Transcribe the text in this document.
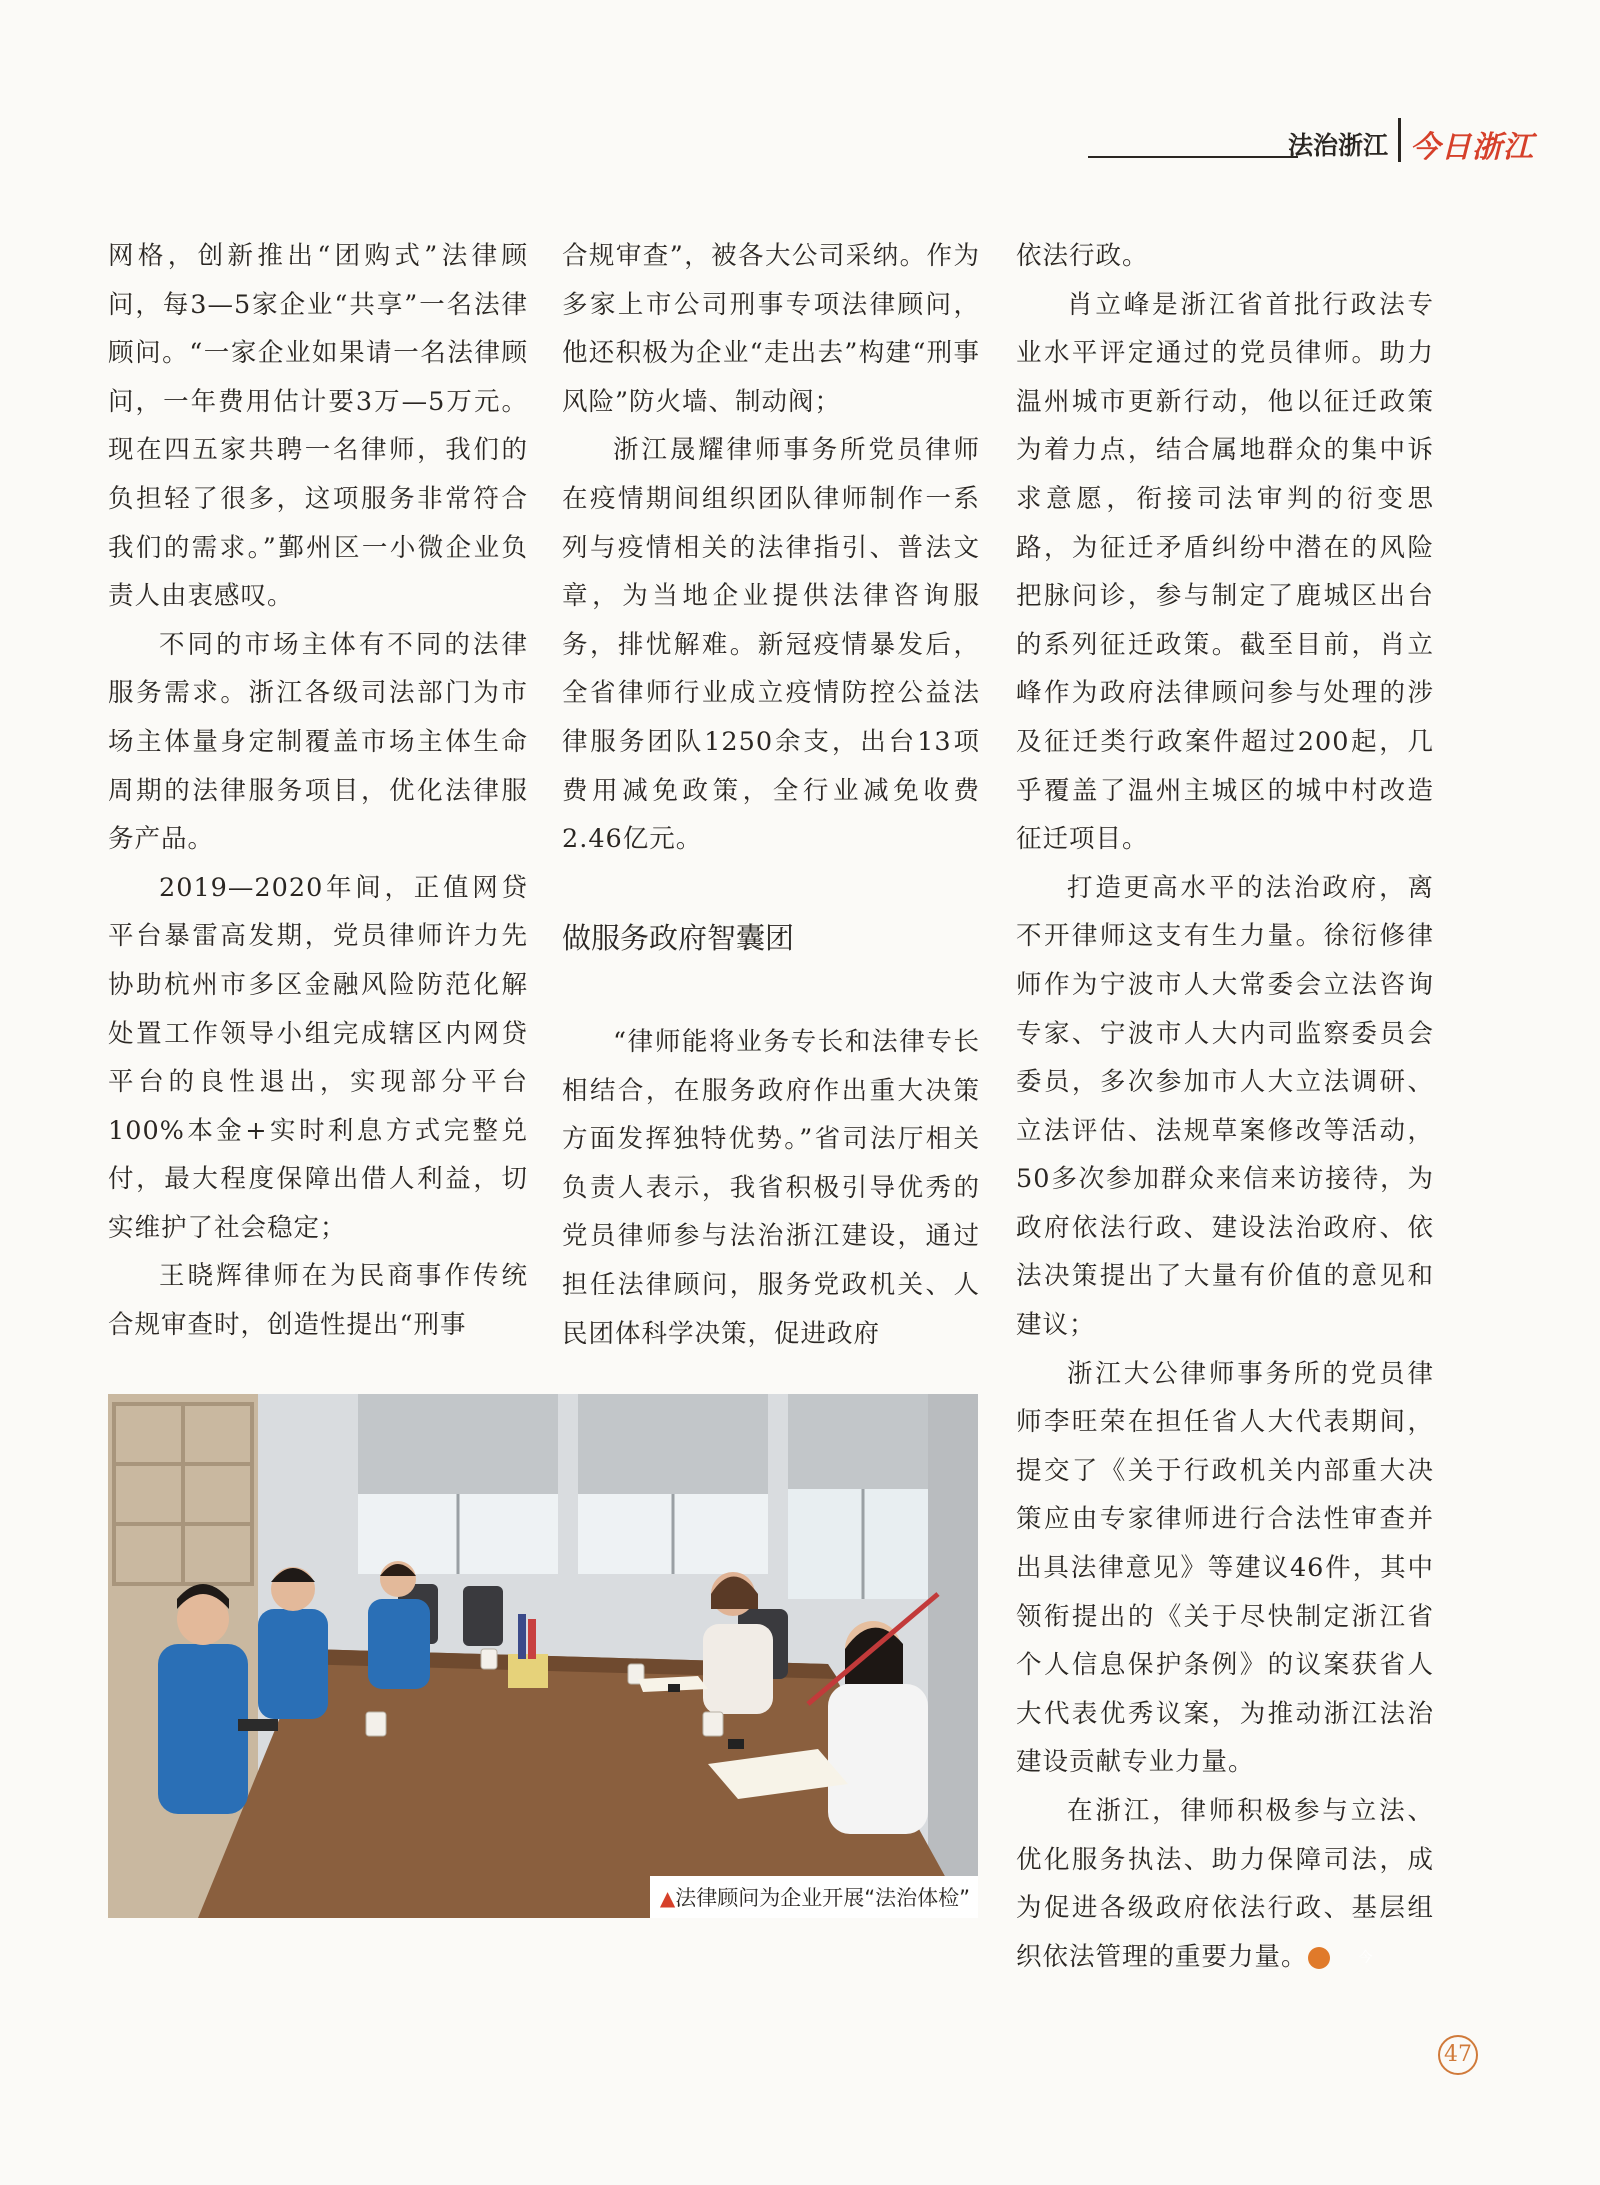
法治浙江 今日浙江

网格，创新推出“团购式”法律顾问，每3—5家企业“共享”一名法律顾问。“一家企业如果请一名法律顾问，一年费用估计要3万—5万元。现在四五家共聘一名律师，我们的负担轻了很多，这项服务非常符合我们的需求。”鄞州区一小微企业负责人由衷感叹。

不同的市场主体有不同的法律服务需求。浙江各级司法部门为市场主体量身定制覆盖市场主体生命周期的法律服务项目，优化法律服务产品。

2019—2020年间，正值网贷平台暴雷高发期，党员律师许力先协助杭州市多区金融风险防范化解处置工作领导小组完成辖区内网贷平台的良性退出，实现部分平台100%本金+实时利息方式完整兑付，最大程度保障出借人利益，切实维护了社会稳定；

王晓辉律师在为民商事作传统合规审查时，创造性提出“刑事

合规审查”，被各大公司采纳。作为多家上市公司刑事专项法律顾问，他还积极为企业“走出去”构建“刑事风险”防火墙、制动阀；

浙江晟耀律师事务所党员律师在疫情期间组织团队律师制作一系列与疫情相关的法律指引、普法文章，为当地企业提供法律咨询服务，排忧解难。新冠疫情暴发后，全省律师行业成立疫情防控公益法律服务团队1250余支，出台13项费用减免政策，全行业减免收费2.46亿元。

做服务政府智囊团

“律师能将业务专长和法律专长相结合，在服务政府作出重大决策方面发挥独特优势。”省司法厅相关负责人表示，我省积极引导优秀的党员律师参与法治浙江建设，通过担任法律顾问，服务党政机关、人民团体科学决策，促进政府

依法行政。

肖立峰是浙江省首批行政法专业水平评定通过的党员律师。助力温州城市更新行动，他以征迁政策为着力点，结合属地群众的集中诉求意愿，衔接司法审判的衍变思路，为征迁矛盾纠纷中潜在的风险把脉问诊，参与制定了鹿城区出台的系列征迁政策。截至目前，肖立峰作为政府法律顾问参与处理的涉及征迁类行政案件超过200起，几乎覆盖了温州主城区的城中村改造征迁项目。

打造更高水平的法治政府，离不开律师这支有生力量。徐衍修律师作为宁波市人大常委会立法咨询专家、宁波市人大内司监察委员会委员，多次参加市人大立法调研、立法评估、法规草案修改等活动，50多次参加群众来信来访接待，为政府依法行政、建设法治政府、依法决策提出了大量有价值的意见和建议；

浙江大公律师事务所的党员律师李旺荣在担任省人大代表期间，提交了《关于行政机关内部重大决策应由专家律师进行合法性审查并出具法律意见》等建议46件，其中领衔提出的《关于尽快制定浙江省个人信息保护条例》的议案获省人大代表优秀议案，为推动浙江法治建设贡献专业力量。

在浙江，律师积极参与立法、优化服务执法、助力保障司法，成为促进各级政府依法行政、基层组织依法管理的重要力量。	今

▲法律顾问为企业开展“法治体检”
47
